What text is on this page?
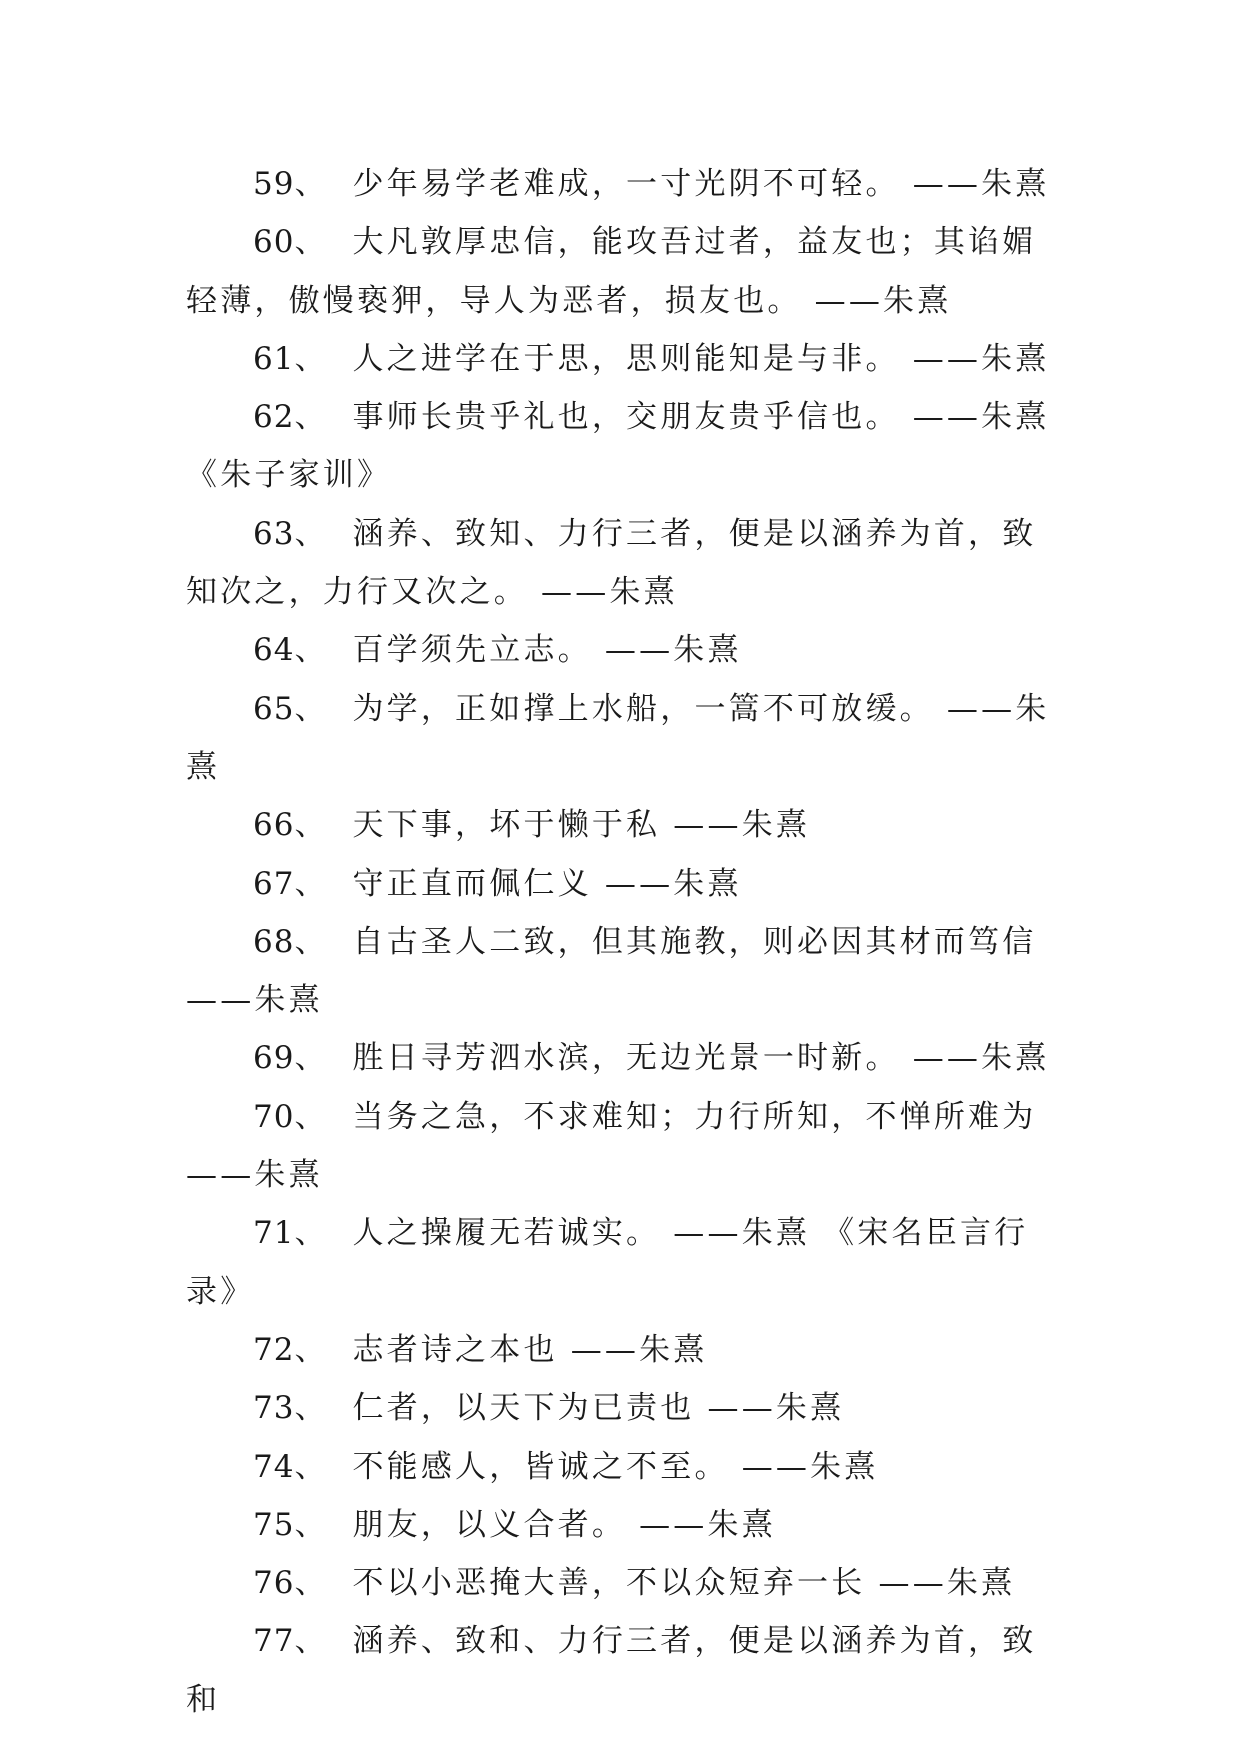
59、 少年易学老难成，一寸光阴不可轻。 ——朱熹

60、 大凡敦厚忠信，能攻吾过者，益友也；其谄媚轻薄，傲慢亵狎，导人为恶者，损友也。 ——朱熹

61、 人之进学在于思，思则能知是与非。 ——朱熹

62、 事师长贵乎礼也，交朋友贵乎信也。 ——朱熹《朱子家训》

63、 涵养、致知、力行三者，便是以涵养为首，致知次之，力行又次之。 ——朱熹

64、 百学须先立志。 ——朱熹

65、 为学，正如撑上水船，一篙不可放缓。 ——朱熹

66、 天下事，坏于懒于私 ——朱熹

67、 守正直而佩仁义 ——朱熹

68、 自古圣人二致，但其施教，则必因其材而笃信——朱熹

69、 胜日寻芳泗水滨，无边光景一时新。 ——朱熹

70、 当务之急，不求难知；力行所知，不惮所难为——朱熹

71、 人之操履无若诚实。 ——朱熹 《宋名臣言行录》

72、 志者诗之本也 ——朱熹

73、 仁者，以天下为已责也 ——朱熹

74、 不能感人，皆诚之不至。 ——朱熹

75、 朋友，以义合者。 ——朱熹

76、 不以小恶掩大善，不以众短弃一长 ——朱熹

77、 涵养、致和、力行三者，便是以涵养为首，致和
